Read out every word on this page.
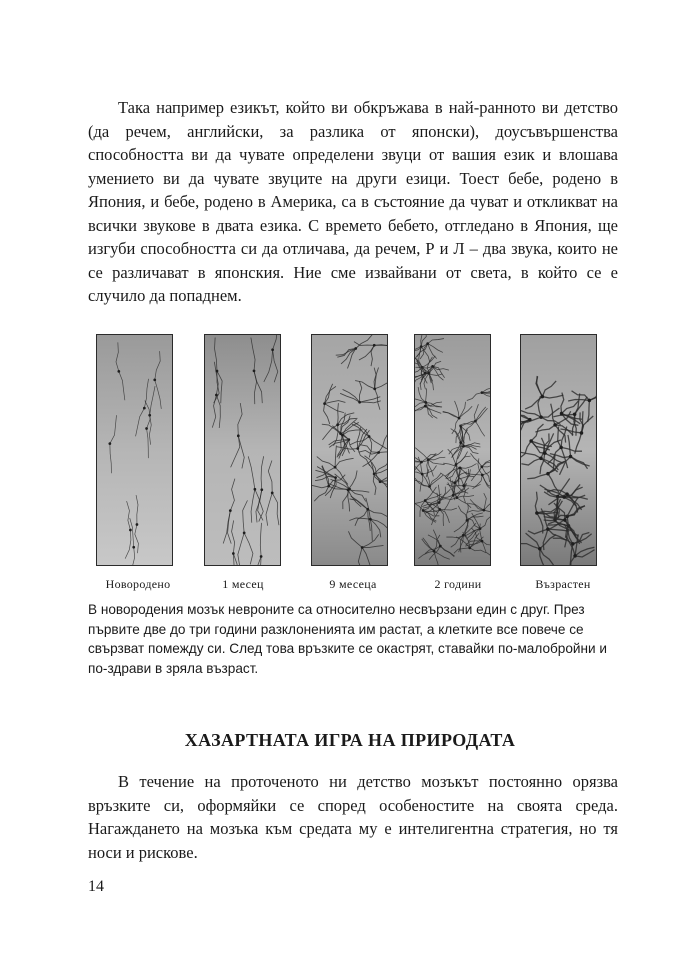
Така например езикът, който ви обкръжава в най-ранното ви детство (да речем, английски, за разлика от японски), доусъвършенства способността ви да чувате определени звуци от вашия език и влошава умението ви да чувате звуците на други езици. Тоест бебе, родено в Япония, и бебе, родено в Америка, са в състояние да чуват и откликват на всички звукове в двата езика. С времето бебето, отгледано в Япония, ще изгуби способността си да отличава, да речем, Р и Л – два звука, които не се различават в японския. Ние сме извайвани от света, в който се е случило да попаднем.

Новородено	1 месец	9 месеца	2 години	Възрастен

В новородения мозък невроните са относително несвързани един с друг. През първите две до три години разклоненията им растат, а клетките все повече се свързват помежду си. След това връзките се окастрят, ставайки по-малобройни и по-здрави в зряла възраст.

ХАЗАРТНАТА ИГРА НА ПРИРОДАТА

В течение на проточеното ни детство мозъкът постоянно орязва връзките си, оформяйки се според особеностите на своята среда. Нагаждането на мозъка към средата му е интелигентна стратегия, но тя носи и рискове.

14
